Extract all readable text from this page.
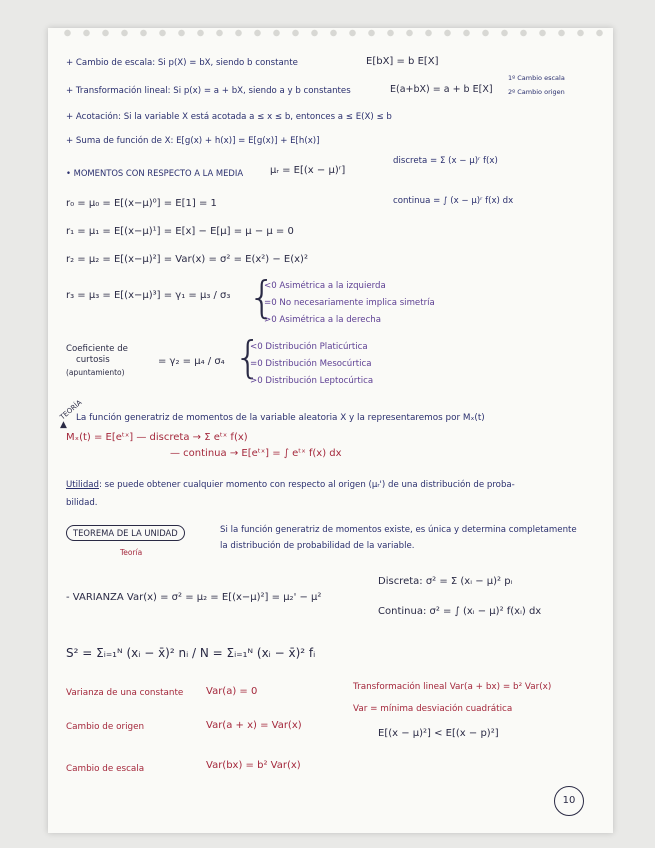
+ Cambio de escala: Si p(X) = bX, siendo b constante	E[bX] = b E[X]
+ Transformación lineal: Si p(x) = a + bX, siendo a y b constantes	E(a+bX) = a + b E[X]
1º Cambio escala
2º Cambio origen
+ Acotación: Si la variable X está acotada a ≤ x ≤ b, entonces a ≤ E(X) ≤ b
+ Suma de función de X: E[g(x) + h(x)] = E[g(x)] + E[h(x)]
• MOMENTOS CON RESPECTO A LA MEDIA	μᵣ = E[(x − μ)ʳ]
discreta = Σ (x − μ)ʳ f(x)
continua = ∫ (x − μ)ʳ f(x) dx
r₀ = μ₀ = E[(x−μ)⁰] = E[1] = 1
r₁ = μ₁ = E[(x−μ)¹] = E[x] − E[μ] = μ − μ = 0
r₂ = μ₂ = E[(x−μ)²] = Var(x) = σ² = E(x²) − E(x)²
r₃ = μ₃ = E[(x−μ)³] = γ₁ = μ₃ / σ₃ {
<0 Asimétrica a la izquierda
=0 No necesariamente implica simetría
>0 Asimétrica a la derecha
Coeficiente de
curtosis
(apuntamiento)
= γ₂ = μ₄ / σ₄ {
<0 Distribución Platicúrtica
=0 Distribución Mesocúrtica
>0 Distribución Leptocúrtica
TEORÍA
▲
La función generatriz de momentos de la variable aleatoria X y la representaremos por Mₓ(t)
Mₓ(t) = E[eᵗˣ] — discreta → Σ eᵗˣ f(x)
— continua → E[eᵗˣ] = ∫ eᵗˣ f(x) dx
Utilidad: se puede obtener cualquier momento con respecto al origen (μᵣ') de una distribución de proba-
bilidad.
TEOREMA DE LA UNIDAD
Teoría
Si la función generatriz de momentos existe, es única y determina completamente
la distribución de probabilidad de la variable.
- VARIANZA Var(x) = σ² = μ₂ = E[(x−μ)²] = μ₂' − μ²
Discreta: σ² = Σ (xᵢ − μ)² pᵢ
Continua: σ² = ∫ (xᵢ − μ)² f(xᵢ) dx
S² = Σᵢ₌₁ᴺ (xᵢ − x̄)² nᵢ / N = Σᵢ₌₁ᴺ (xᵢ − x̄)² fᵢ
Varianza de una constante Var(a) = 0	Transformación lineal Var(a + bx) = b² Var(x)
Cambio de origen	Var(a + x) = Var(x)
Var = mínima desviación cuadrática
E[(x − μ)²] < E[(x − p)²]
Cambio de escala	Var(bx) = b² Var(x)
10
